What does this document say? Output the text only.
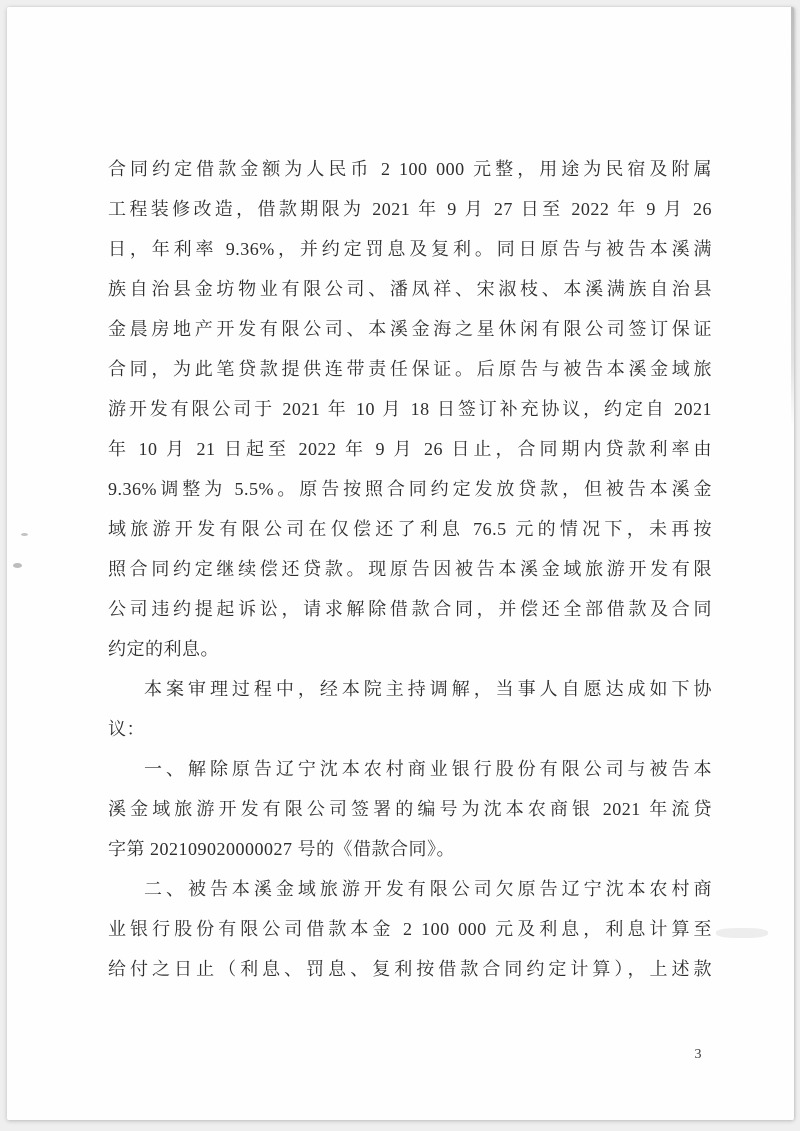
合同约定借款金额为人民币 2 100 000 元整，用途为民宿及附属
工程装修改造，借款期限为 2021 年 9 月 27 日至 2022 年 9 月 26
日，年利率 9.36%，并约定罚息及复利。同日原告与被告本溪满
族自治县金坊物业有限公司、潘凤祥、宋淑枝、本溪满族自治县
金晨房地产开发有限公司、本溪金海之星休闲有限公司签订保证
合同，为此笔贷款提供连带责任保证。后原告与被告本溪金域旅
游开发有限公司于 2021 年 10 月 18 日签订补充协议，约定自 2021
年 10 月 21 日起至 2022 年 9 月 26 日止，合同期内贷款利率由
9.36%调整为 5.5%。原告按照合同约定发放贷款，但被告本溪金
域旅游开发有限公司在仅偿还了利息 76.5 元的情况下，未再按
照合同约定继续偿还贷款。现原告因被告本溪金域旅游开发有限
公司违约提起诉讼，请求解除借款合同，并偿还全部借款及合同
约定的利息。
本案审理过程中，经本院主持调解，当事人自愿达成如下协
议：
一、解除原告辽宁沈本农村商业银行股份有限公司与被告本
溪金域旅游开发有限公司签署的编号为沈本农商银 2021 年流贷
字第 202109020000027 号的《借款合同》。
二、被告本溪金域旅游开发有限公司欠原告辽宁沈本农村商
业银行股份有限公司借款本金 2 100 000 元及利息，利息计算至
给付之日止（利息、罚息、复利按借款合同约定计算），上述款
3
